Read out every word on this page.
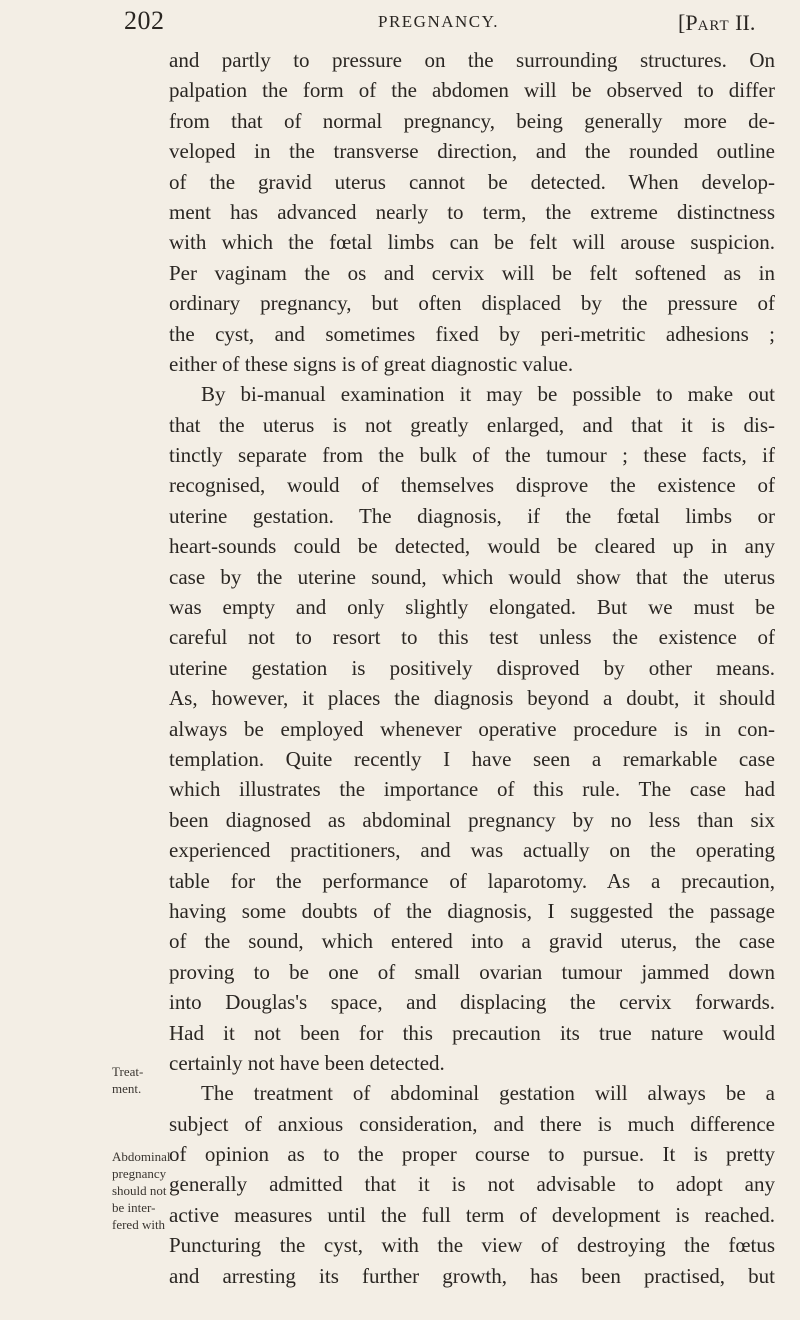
202	PREGNANCY.	[PART II.
and partly to pressure on the surrounding structures. On
palpation the form of the abdomen will be observed to differ
from that of normal pregnancy, being generally more de-
veloped in the transverse direction, and the rounded outline
of the gravid uterus cannot be detected. When develop-
ment has advanced nearly to term, the extreme distinctness
with which the fœtal limbs can be felt will arouse suspicion.
Per vaginam the os and cervix will be felt softened as in
ordinary pregnancy, but often displaced by the pressure of
the cyst, and sometimes fixed by peri-metritic adhesions ;
either of these signs is of great diagnostic value.
By bi-manual examination it may be possible to make out
that the uterus is not greatly enlarged, and that it is dis-
tinctly separate from the bulk of the tumour ; these facts, if
recognised, would of themselves disprove the existence of
uterine gestation. The diagnosis, if the fœtal limbs or
heart-sounds could be detected, would be cleared up in any
case by the uterine sound, which would show that the uterus
was empty and only slightly elongated. But we must be
careful not to resort to this test unless the existence of
uterine gestation is positively disproved by other means.
As, however, it places the diagnosis beyond a doubt, it should
always be employed whenever operative procedure is in con-
templation. Quite recently I have seen a remarkable case
which illustrates the importance of this rule. The case had
been diagnosed as abdominal pregnancy by no less than six
experienced practitioners, and was actually on the operating
table for the performance of laparotomy. As a precaution,
having some doubts of the diagnosis, I suggested the passage
of the sound, which entered into a gravid uterus, the case
proving to be one of small ovarian tumour jammed down
into Douglas's space, and displacing the cervix forwards.
Had it not been for this precaution its true nature would
certainly not have been detected.
The treatment of abdominal gestation will always be a
subject of anxious consideration, and there is much difference
of opinion as to the proper course to pursue. It is pretty
generally admitted that it is not advisable to adopt any
active measures until the full term of development is reached.
Puncturing the cyst, with the view of destroying the fœtus
and arresting its further growth, has been practised, but
Treat-
ment.
Abdominal
pregnancy
should not
be inter-
fered with
